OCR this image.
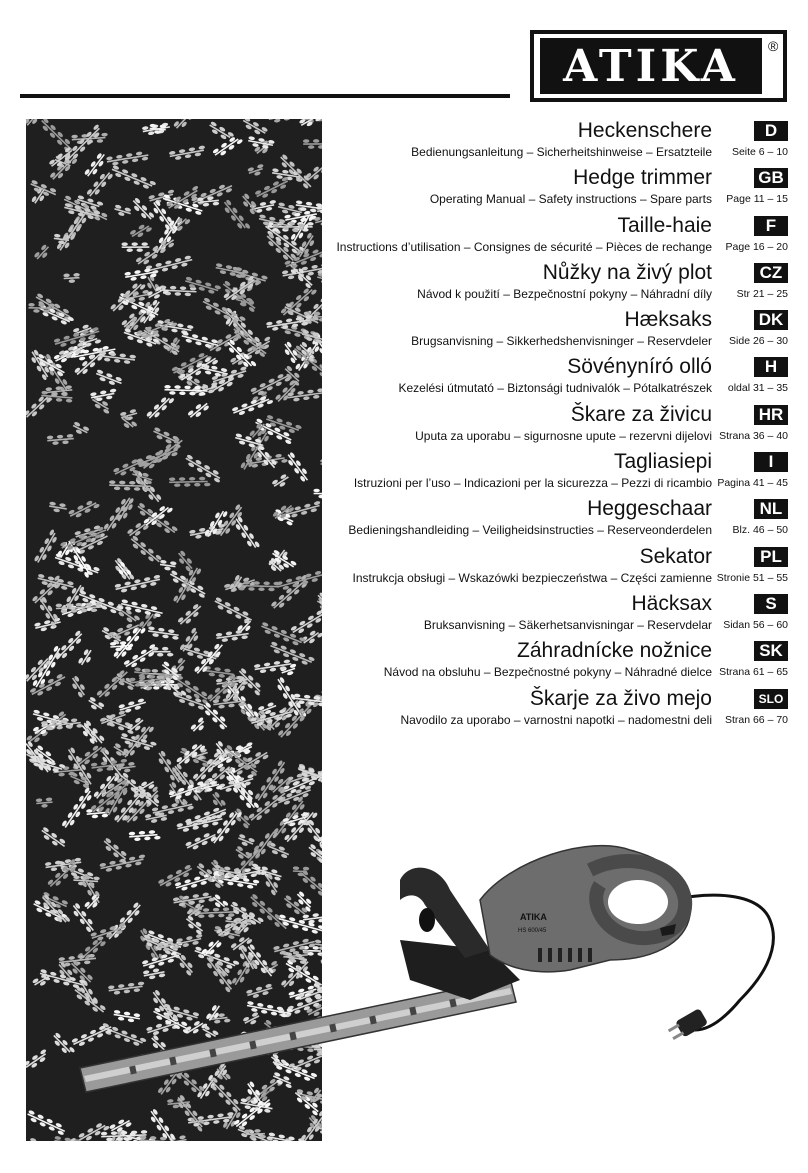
ATIKA	®
Heckenschere
Bedienungsanleitung – Sicherheitshinweise – Ersatzteile
D
Seite 6 – 10
Hedge trimmer
Operating Manual – Safety instructions – Spare parts
GB
Page 11 – 15
Taille-haie
Instructions d’utilisation – Consignes de sécurité – Pièces de rechange
F
Page 16 – 20
Nůžky na živý plot
Návod k použití – Bezpečnostní pokyny – Náhradní díly
CZ
Str 21 – 25
Hæksaks
Brugsanvisning – Sikkerhedshenvisninger – Reservdeler
DK
Side 26 – 30
Sövényníró olló
Kezelési útmutató – Biztonsági tudnivalók – Pótalkatrészek
H
oldal 31 – 35
Škare za živicu
Uputa za uporabu – sigurnosne upute – rezervni dijelovi
HR
Strana 36 – 40
Tagliasiepi
Istruzioni per l’uso – Indicazioni per la sicurezza – Pezzi di ricambio
I
Pagina 41 – 45
Heggeschaar
Bedieningshandleiding – Veiligheidsinstructies – Reserveonderdelen
NL
Blz. 46 – 50
Sekator
Instrukcja obsługi – Wskazówki bezpieczeństwa – Części zamienne
PL
Stronie 51 – 55
Häcksax
Bruksanvisning – Säkerhetsanvisningar – Reservdelar
S
Sidan 56 – 60
Záhradnícke nožnice
Návod na obsluhu – Bezpečnostné pokyny – Náhradné dielce
SK
Strana 61 – 65
Škarje za živo mejo
Navodilo za uporabo – varnostni napotki – nadomestni deli
SLO
Stran 66 – 70
ATIKA
HS 600/45
